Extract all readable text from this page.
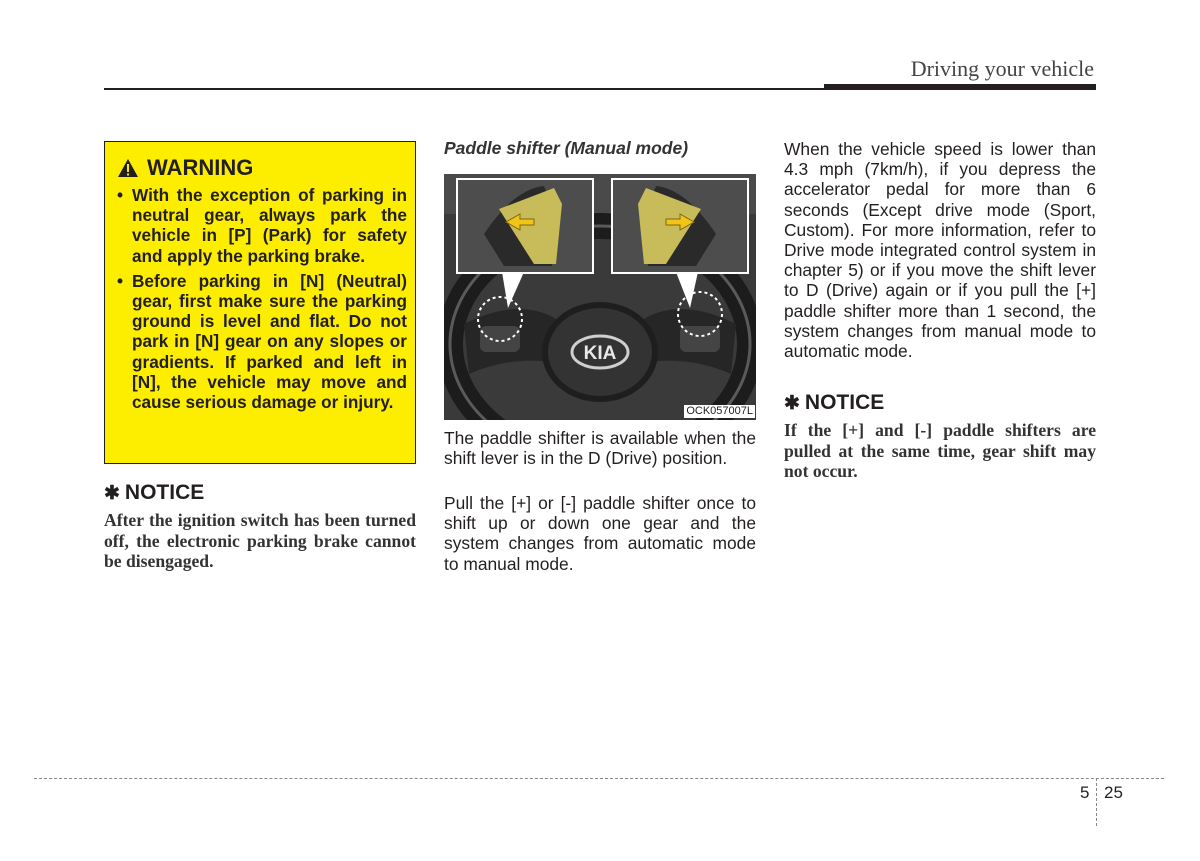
Driving your vehicle
WARNING
• With the exception of parking in neutral gear, always park the vehicle in [P] (Park) for safety and apply the parking brake.
• Before parking in [N] (Neutral) gear, first make sure the parking ground is level and flat. Do not park in [N] gear on any slopes or gradients. If parked and left in [N], the vehicle may move and cause serious damage or injury.
✱ NOTICE

After the ignition switch has been turned off, the electronic parking brake cannot be disengaged.

Paddle shifter (Manual mode)
KIA
OCK057007L

The paddle shifter is available when the shift lever is in the D (Drive) position.

Pull the [+] or [-] paddle shifter once to shift up or down one gear and the system changes from automatic mode to manual mode.

When the vehicle speed is lower than 4.3 mph (7km/h), if you depress the accelerator pedal for more than 6 seconds (Except drive mode (Sport, Custom). For more information, refer to Drive mode integrated control system in chapter 5) or if you move the shift lever to D (Drive) again or if you pull the [+] paddle shifter more than 1 second, the system changes from manual mode to automatic mode.

✱ NOTICE

If the [+] and [-] paddle shifters are pulled at the same time, gear shift may not occur.

5 25
